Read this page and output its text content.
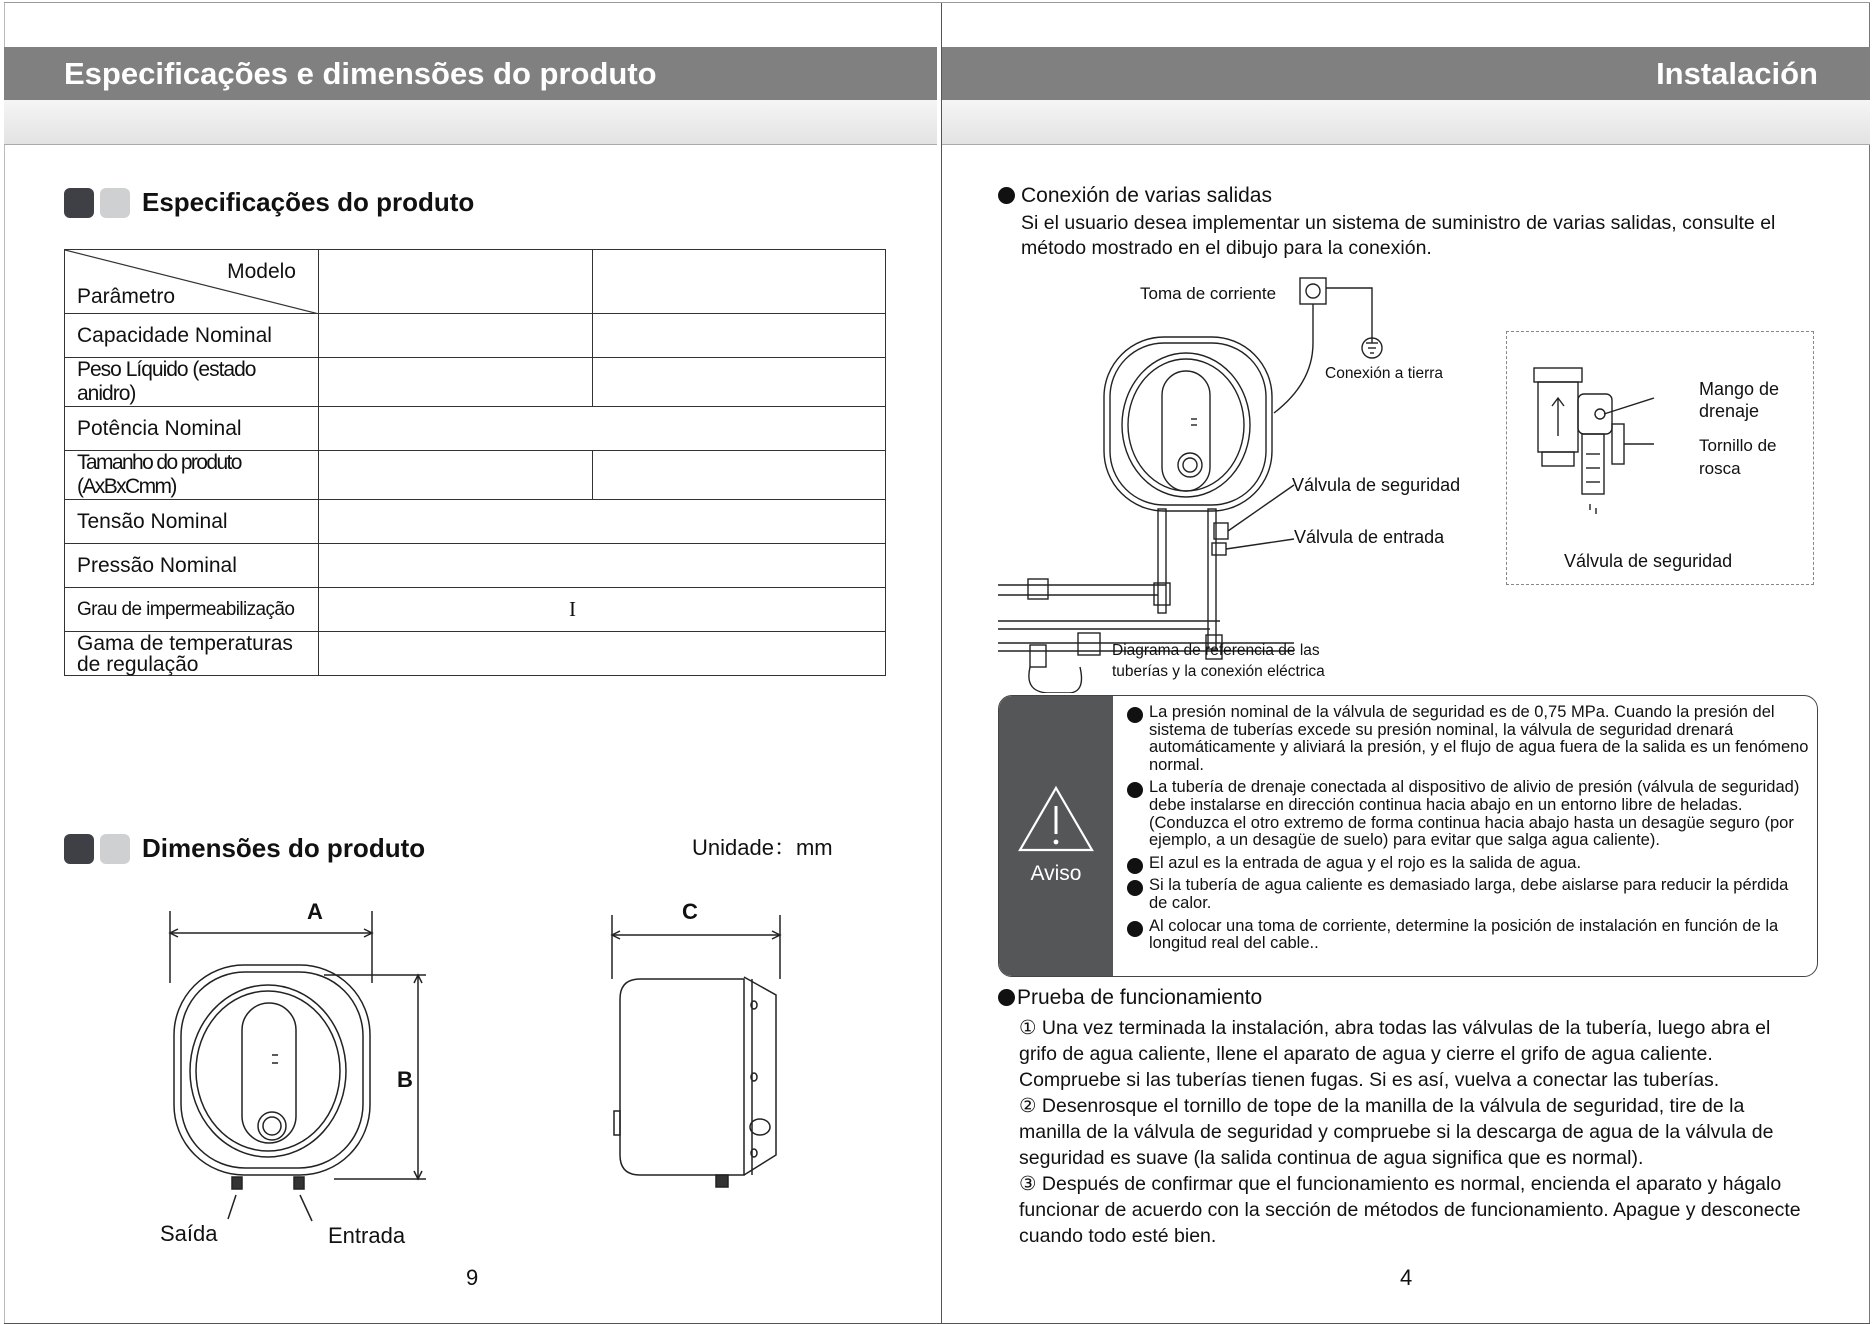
Especificações e dimensões do produto	Instalación
Especificações do produto
Modelo
Parâmetro		

Capacidade Nominal		
Peso Líquido (estado anidro)		
Potência Nominal		
Tamanho do produto (AxBxCmm)		
Tensão Nominal		
Pressão Nominal		
Grau de impermeabilização	I	
Gama de temperaturas de regulação		
Dimensões do produto	Unidade：mm
A
B
Saída	Entrada
C
9
Conexión de varias salidas
Si el usuario desea implementar un sistema de suministro de varias salidas, consulte el
método mostrado en el dibujo para la conexión.
Toma de corriente
Conexión a tierra
Válvula de seguridad
Válvula de entrada
Diagrama de referencia de las
tuberías y la conexión eléctrica
Mango de
drenaje
Tornillo de
rosca
Válvula de seguridad
Aviso
La presión nominal de la válvula de seguridad es de 0,75 MPa. Cuando la presión del sistema de tuberías excede su presión nominal, la válvula de seguridad drenará automáticamente y aliviará la presión, y el flujo de agua fuera de la salida es un fenómeno normal.
La tubería de drenaje conectada al dispositivo de alivio de presión (válvula de seguridad) debe instalarse en dirección continua hacia abajo en un entorno libre de heladas. (Conduzca el otro extremo de forma continua hacia abajo hasta un desagüe seguro (por ejemplo, a un desagüe de suelo) para evitar que salga agua caliente).
El azul es la entrada de agua y el rojo es la salida de agua.
Si la tubería de agua caliente es demasiado larga, debe aislarse para reducir la pérdida de calor.
Al colocar una toma de corriente, determine la posición de instalación en función de la longitud real del cable..
Prueba de funcionamiento
① Una vez terminada la instalación, abra todas las válvulas de la tubería, luego abra el
grifo de agua caliente, llene el aparato de agua y cierre el grifo de agua caliente.
Compruebe si las tuberías tienen fugas. Si es así, vuelva a conectar las tuberías.
② Desenrosque el tornillo de tope de la manilla de la válvula de seguridad, tire de la
manilla de la válvula de seguridad y compruebe si la descarga de agua de la válvula de
seguridad es suave (la salida continua de agua significa que es normal).
③ Después de confirmar que el funcionamiento es normal, encienda el aparato y hágalo
funcionar de acuerdo con la sección de métodos de funcionamiento. Apague y desconecte
cuando todo esté bien.
4
